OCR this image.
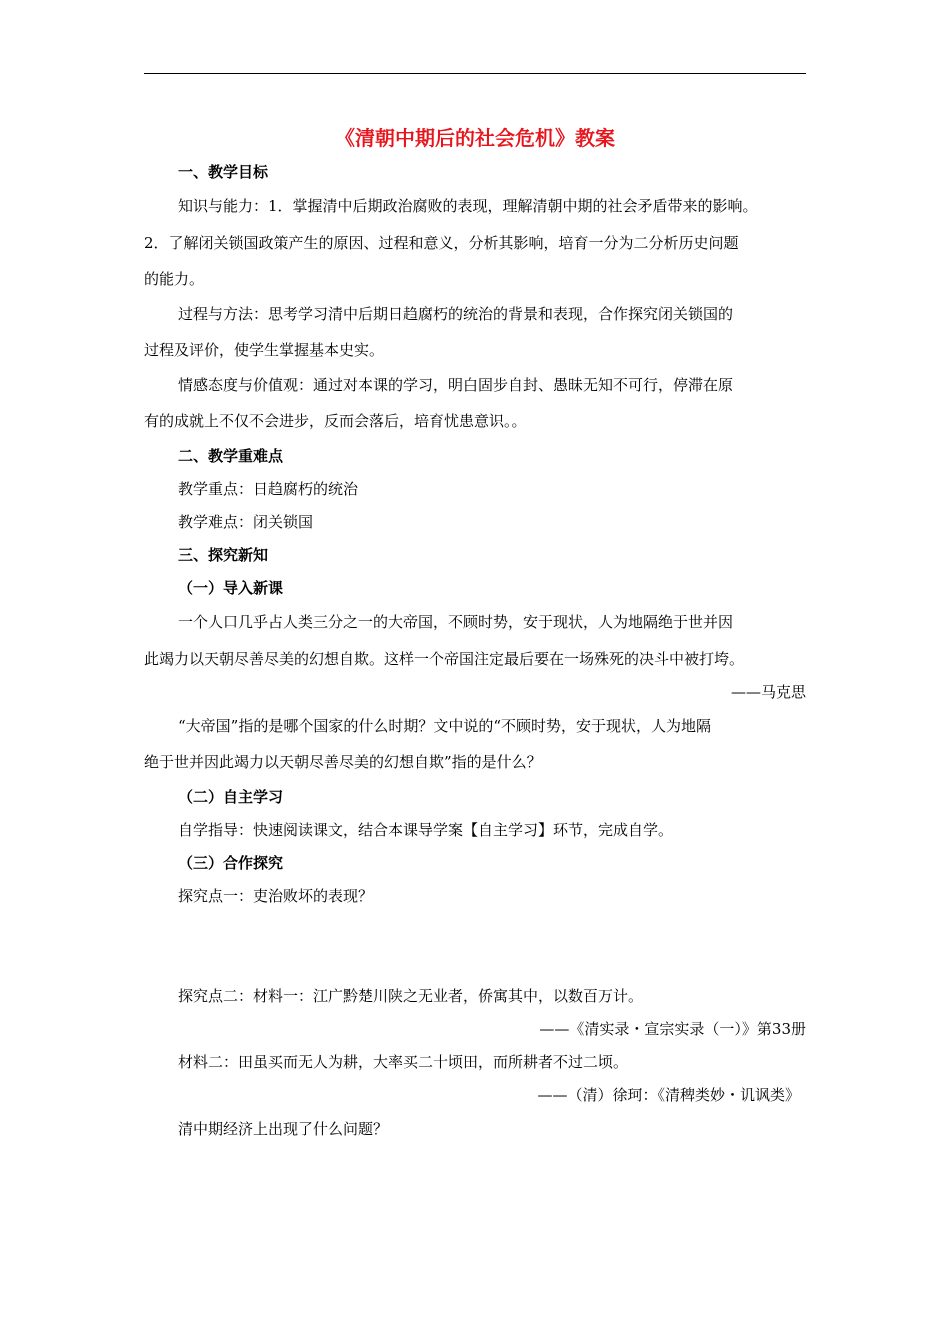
《清朝中期后的社会危机》教案
一、教学目标
知识与能力：1．掌握清中后期政治腐败的表现，理解清朝中期的社会矛盾带来的影响。
2．了解闭关锁国政策产生的原因、过程和意义，分析其影响，培育一分为二分析历史问题
的能力。
过程与方法：思考学习清中后期日趋腐朽的统治的背景和表现，合作探究闭关锁国的
过程及评价，使学生掌握基本史实。
情感态度与价值观：通过对本课的学习，明白固步自封、愚昧无知不可行，停滞在原
有的成就上不仅不会进步，反而会落后，培育忧患意识。。
二、教学重难点
教学重点：日趋腐朽的统治
教学难点：闭关锁国
三、探究新知
（一）导入新课
一个人口几乎占人类三分之一的大帝国，不顾时势，安于现状，人为地隔绝于世并因
此竭力以天朝尽善尽美的幻想自欺。这样一个帝国注定最后要在一场殊死的决斗中被打垮。
——马克思
“大帝国”指的是哪个国家的什么时期？文中说的“不顾时势，安于现状，人为地隔
绝于世并因此竭力以天朝尽善尽美的幻想自欺”指的是什么？
（二）自主学习
自学指导：快速阅读课文，结合本课导学案【自主学习】环节，完成自学。
（三）合作探究
探究点一：吏治败坏的表现？
探究点二：材料一：江广黔楚川陕之无业者，侨寓其中，以数百万计。
——《清实录・宣宗实录（一）》第33册
材料二：田虽买而无人为耕，大率买二十顷田，而所耕者不过二顷。
——（清）徐珂：《清稗类妙・讥讽类》
清中期经济上出现了什么问题？
